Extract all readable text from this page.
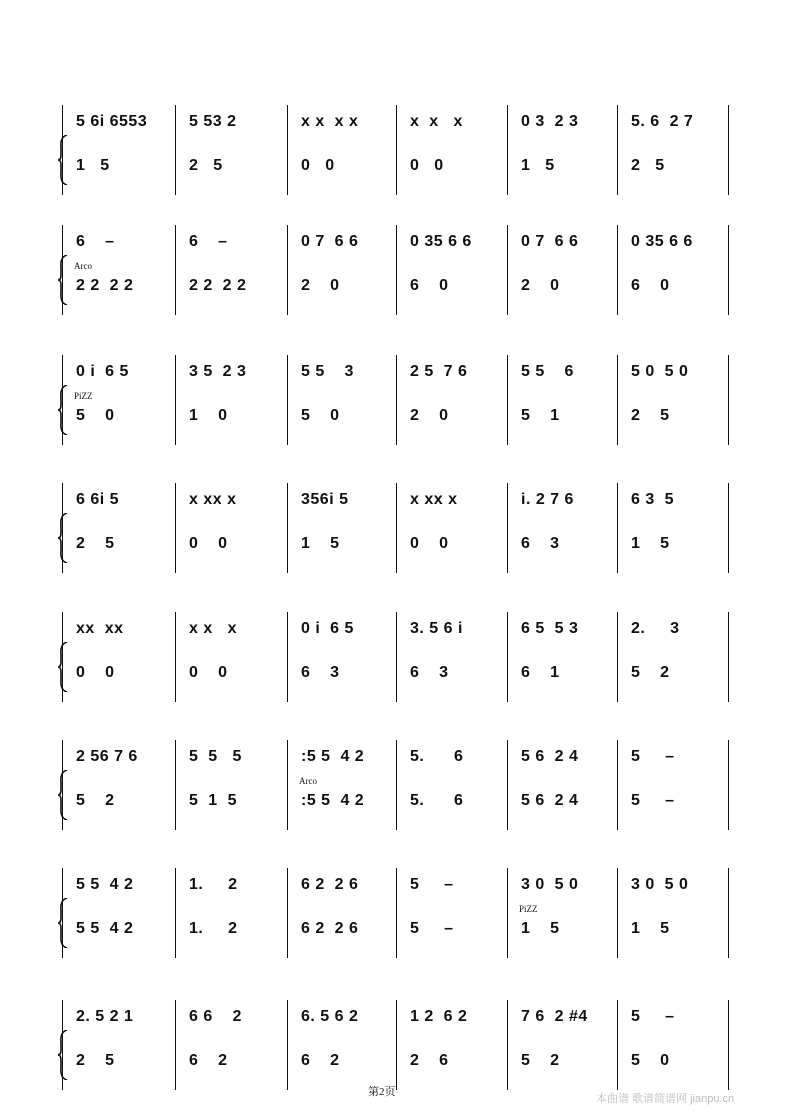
5 6i 6553
1   5
5 53 2
2   5
x x  x x
0   0
x  x   x
0   0
0 3  2 3
1   5
5. 6  2 7
2   5
6    –
2 2  2 2
Arco
6    –
2 2  2 2
0 7  6 6
2    0
0 35 6 6
6    0
0 7  6 6
2    0
0 35 6 6
6    0
0 i  6 5
5    0
PiZZ
3 5  2 3
1    0
5 5    3
5    0
2 5  7 6
2    0
5 5    6
5    1
5 0  5 0
2    5
6 6i 5
2    5
x xx x
0    0
356i 5
1    5
x xx x
0    0
i. 2 7 6
6    3
6 3  5
1    5
xx  xx
0    0
x x   x
0    0
0 i  6 5
6    3
3. 5 6 i
6    3
6 5  5 3
6    1
2.     3
5    2
2 56 7 6
5    2
5  5   5
5  1  5
:5 5  4 2
:5 5  4 2
Arco
5.      6
5.      6
5 6  2 4
5 6  2 4
5     –
5     –
5 5  4 2
5 5  4 2
1.     2
1.     2
6 2  2 6
6 2  2 6
5     –
5     –
3 0  5 0
1    5
PiZZ
3 0  5 0
1    5
2. 5 2 1
2    5
6 6    2
6    2
6. 5 6 2
6    2
1 2  6 2
2    6
7 6  2 #4
5    2
5     –
5    0
第2页
本曲谱 歌谱简谱网 jianpu.cn
